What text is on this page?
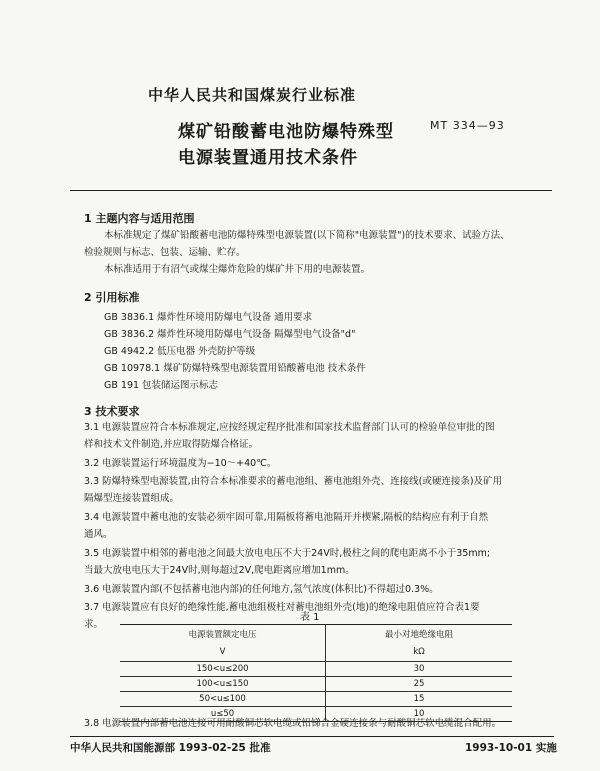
中华人民共和国煤炭行业标准
煤矿铅酸蓄电池防爆特殊型
电源装置通用技术条件
MT 334—93
1 主题内容与适用范围
本标准规定了煤矿铅酸蓄电池防爆特殊型电源装置(以下简称"电源装置")的技术要求、试验方法、
检验规则与标志、包装、运输、贮存。
本标准适用于有沼气或煤尘爆炸危险的煤矿井下用的电源装置。
2 引用标准
GB 3836.1 爆炸性环境用防爆电气设备 通用要求
GB 3836.2 爆炸性环境用防爆电气设备 隔爆型电气设备"d"
GB 4942.2 低压电器 外壳防护等级
GB 10978.1 煤矿防爆特殊型电源装置用铅酸蓄电池 技术条件
GB 191 包装储运图示标志
3 技术要求
3.1 电源装置应符合本标准规定,应按经规定程序批准和国家技术监督部门认可的检验单位审批的图
样和技术文件制造,并应取得防爆合格证。
3.2 电源装置运行环境温度为−10～+40℃。
3.3 防爆特殊型电源装置,由符合本标准要求的蓄电池组、蓄电池组外壳、连接线(或硬连接条)及矿用
隔爆型连接装置组成。
3.4 电源装置中蓄电池的安装必须牢固可靠,用隔板将蓄电池隔开并楔紧,隔板的结构应有利于自然
通风。
3.5 电源装置中相邻的蓄电池之间最大放电电压不大于24V时,极柱之间的爬电距离不小于35mm;
当最大放电电压大于24V时,则每超过2V,爬电距离应增加1mm。
3.6 电源装置内部(不包括蓄电池内部)的任何地方,氢气浓度(体积比)不得超过0.3%。
3.7 电源装置应有良好的绝缘性能,蓄电池组极柱对蓄电池组外壳(地)的绝缘电阻值应符合表1要
求。
表 1
电源装置额定电压	最小对地绝缘电阻
V	kΩ
150<u≤200	30
100<u≤150	25
50<u≤100	15
u≤50	10
3.8 电源装置内部蓄电池连接可用耐酸铜芯软电缆或铅锑合金硬连接条与耐酸铜芯软电缆混合配用。
中华人民共和国能源部 1993-02-25 批准	1993-10-01 实施
